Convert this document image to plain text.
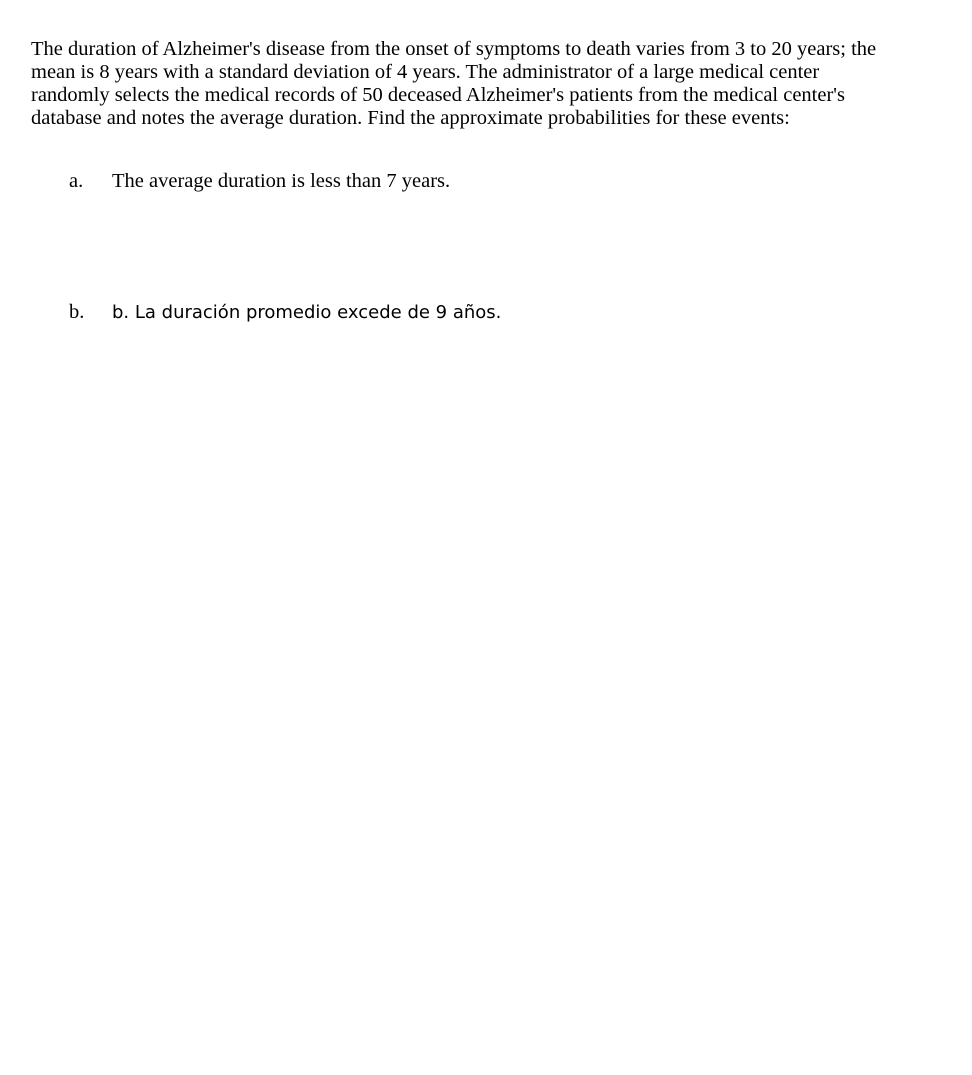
The duration of Alzheimer's disease from the onset of symptoms to death varies from 3 to 20 years; the
mean is 8 years with a standard deviation of 4 years. The administrator of a large medical center
randomly selects the medical records of 50 deceased Alzheimer's patients from the medical center's
database and notes the average duration. Find the approximate probabilities for these events:

a.	The average duration is less than 7 years.
b.	b. La duración promedio excede de 9 años.
